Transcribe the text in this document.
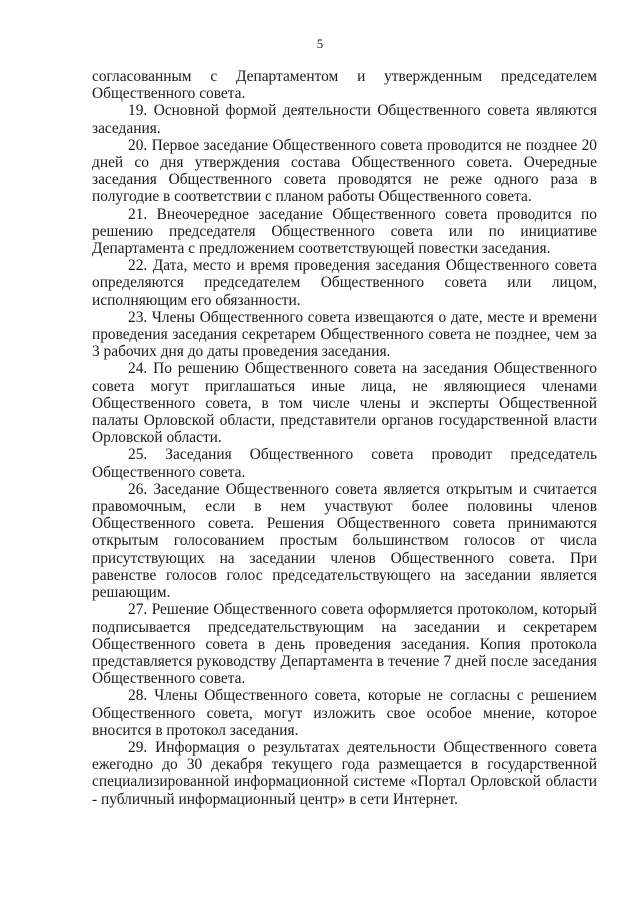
5

согласованным с Департаментом и утвержденным председателем Общественного совета.

19. Основной формой деятельности Общественного совета являются заседания.

20. Первое заседание Общественного совета проводится не позднее 20 дней со дня утверждения состава Общественного совета. Очередные заседания Общественного совета проводятся не реже одного раза в полугодие в соответствии с планом работы Общественного совета.

21. Внеочередное заседание Общественного совета проводится по решению председателя Общественного совета или по инициативе Департамента с предложением соответствующей повестки заседания.

22. Дата, место и время проведения заседания Общественного совета определяются председателем Общественного совета или лицом, исполняющим его обязанности.

23. Члены Общественного совета извещаются о дате, месте и времени проведения заседания секретарем Общественного совета не позднее, чем за 3 рабочих дня до даты проведения заседания.

24. По решению Общественного совета на заседания Общественного совета могут приглашаться иные лица, не являющиеся членами Общественного совета, в том числе члены и эксперты Общественной палаты Орловской области, представители органов государственной власти Орловской области.

25. Заседания Общественного совета проводит председатель Общественного совета.

26. Заседание Общественного совета является открытым и считается правомочным, если в нем участвуют более половины членов Общественного совета. Решения Общественного совета принимаются открытым голосованием простым большинством голосов от числа присутствующих на заседании членов Общественного совета. При равенстве голосов голос председательствующего на заседании является решающим.

27. Решение Общественного совета оформляется протоколом, который подписывается председательствующим на заседании и секретарем Общественного совета в день проведения заседания. Копия протокола представляется руководству Департамента в течение 7 дней после заседания Общественного совета.

28. Члены Общественного совета, которые не согласны с решением Общественного совета, могут изложить свое особое мнение, которое вносится в протокол заседания.

29. Информация о результатах деятельности Общественного совета ежегодно до 30 декабря текущего года размещается в государственной специализированной информационной системе «Портал Орловской области - публичный информационный центр» в сети Интернет.
